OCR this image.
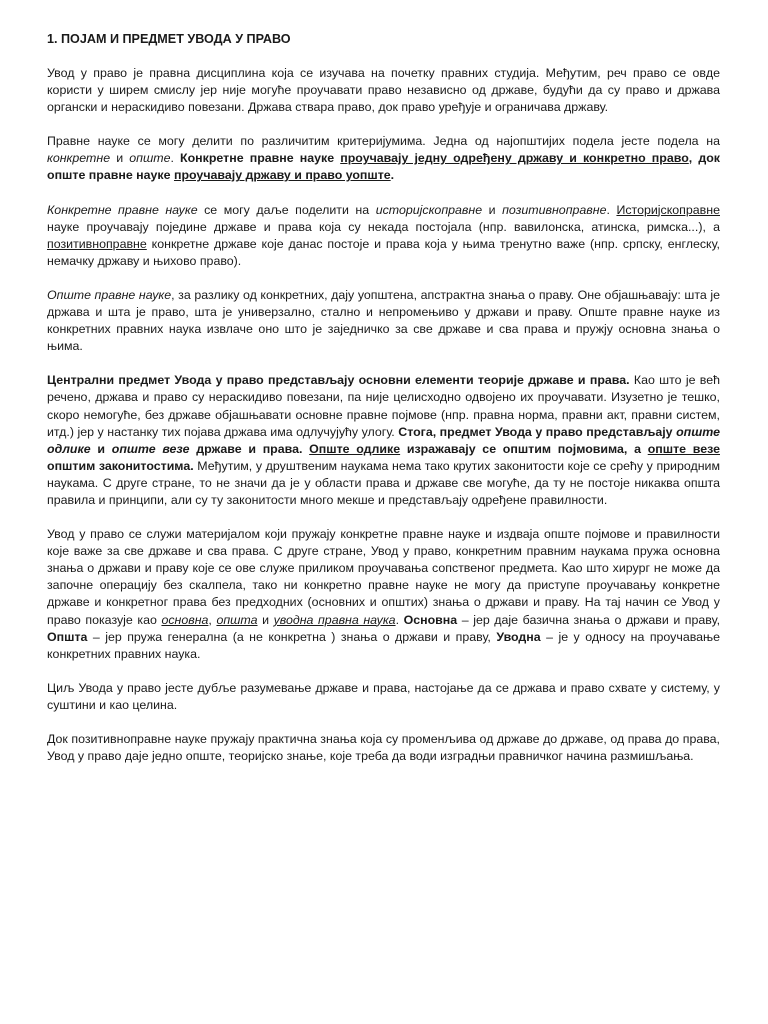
1. ПОЈАМ И ПРЕДМЕТ УВОДА У ПРАВО

Увод у право је правна дисциплина која се изучава на почетку правних студија. Међутим, реч право се овде користи у ширем смислу јер није могуће проучавати право независно од државе, будући да су право и држава органски и нераскидиво повезани. Држава ствара право, док право уређује и ограничава државу.

Правне науке се могу делити по различитим критеријумима. Једна од најопштијих подела јесте подела на конкретне и опште. Конкретне правне науке проучавају једну одређену државу и конкретно право, док опште правне науке проучавају државу и право уопште.

Конкретне правне науке се могу даље поделити на историјскоправне и позитивноправне. Историјскоправне науке проучавају поједине државе и права која су некада постојала (нпр. вавилонска, атинска, римска...), а позитивноправне конкретне државе које данас постоје и права која у њима тренутно важе (нпр. српску, енглеску, немачку државу и њихово право).

Опште правне науке, за разлику од конкретних, дају уопштена, апстрактна знања о праву. Оне објашњавају: шта је држава и шта је право, шта је универзално, стално и непромењиво у држави и праву. Опште правне науке из конкретних правних наука извлаче оно што је заједничко за све државе и сва права и пружју основна знања о њима.

Централни предмет Увода у право представљају основни елементи теорије државе и права. Као што је већ речено, држава и право су нераскидиво повезани, па није целисходно одвојено их проучавати. Изузетно је тешко, скоро немогуће, без државе објашњавати основне правне појмове (нпр. правна норма, правни акт, правни систем, итд.) јер у настанку тих појава држава има одлучујућу улогу. Стога, предмет Увода у право представљају опште одлике и опште везе државе и права. Опште одлике изражавају се општим појмовима, а опште везе општим законитостима. Међутим, у друштвеним наукама нема тако крутих законитости које се срећу у природним наукама. С друге стране, то не значи да је у области права и државе све могуће, да ту не постоје никаква општа правила и принципи, али су ту законитости много мекше и представљају одређене правилности.

Увод у право се служи материјалом који пружају конкретне правне науке и издваја опште појмове и правилности које важе за све државе и сва права. С друге стране, Увод у право, конкретним правним наукама пружа основна знања о држави и праву које се ове служе приликом проучавања сопственог предмета. Као што хирург не може да започне операцију без скалпела, тако ни конкретно правне науке не могу да приступе проучавању конкретне државе и конкретног права без предходних (основних и општих) знања о држави и праву. На тај начин се Увод у право показује као основна, општа и уводна правна наука. Основна – јер даје базична знања о држави и праву, Општа – јер пружа генерална (а не конкретна ) знања о држави и праву, Уводна – је у односу на проучавање конкретних правних наука.

Циљ Увода у право јесте дубље разумевање државе и права, настојање да се држава и право схвате у систему, у суштини и као целина.

Док позитивноправне науке пружају практична знања која су променљива од државе до државе, од права до права, Увод у право даје једно опште, теоријско знање, које треба да води изградњи правничког начина размишљања.
